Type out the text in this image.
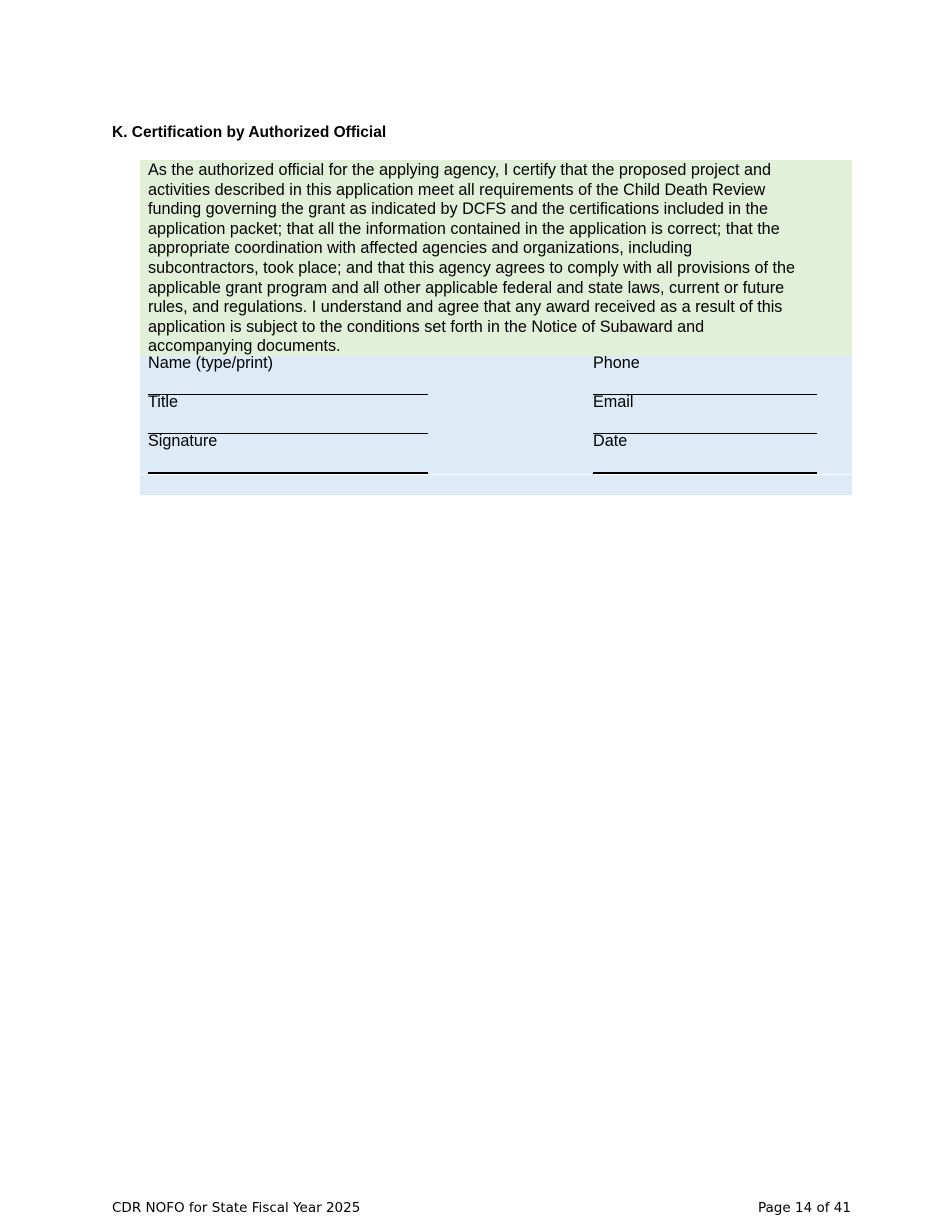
K. Certification by Authorized Official
As the authorized official for the applying agency, I certify that the proposed project and
activities described in this application meet all requirements of the Child Death Review
funding governing the grant as indicated by DCFS and the certifications included in the
application packet; that all the information contained in the application is correct; that the
appropriate coordination with affected agencies and organizations, including
subcontractors, took place; and that this agency agrees to comply with all provisions of the
applicable grant program and all other applicable federal and state laws, current or future
rules, and regulations. I understand and agree that any award received as a result of this
application is subject to the conditions set forth in the Notice of Subaward and
accompanying documents.
Name (type/print)	Phone
Title	Email
Signature	Date
CDR NOFO for State Fiscal Year 2025	Page 14 of 41
